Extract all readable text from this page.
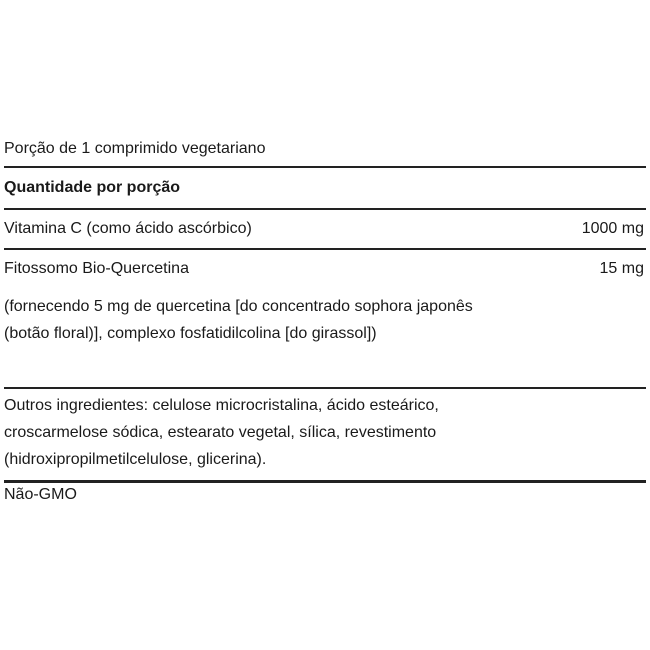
Porção de 1 comprimido vegetariano
Quantidade por porção
Vitamina C (como ácido ascórbico)	1000 mg
Fitossomo Bio-Quercetina	15 mg
(fornecendo 5 mg de quercetina [do concentrado sophora japonês (botão floral)], complexo fosfatidilcolina [do girassol])
Outros ingredientes: celulose microcristalina, ácido esteárico, croscarmelose sódica, estearato vegetal, sílica, revestimento (hidroxipropilmetilcelulose, glicerina).
Não-GMO
